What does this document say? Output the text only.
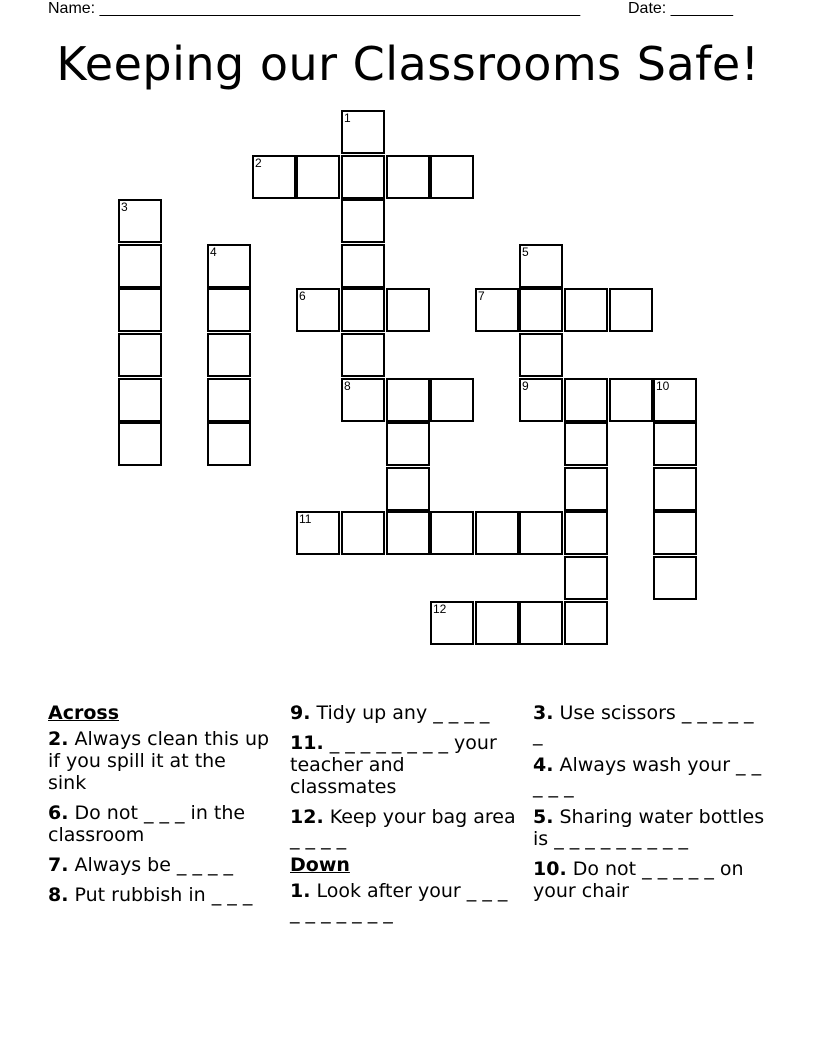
Name: ______________________________________________________	Date: _______
Keeping our Classrooms Safe!
1
2
3
4	5
6	7
8	9	10
11
12
Across
2. Always clean this up if you spill it at the sink
6. Do not _ _ _ in the classroom
7. Always be _ _ _ _
8. Put rubbish in _ _ _
9. Tidy up any _ _ _ _
11. _ _ _ _ _ _ _ _ your teacher and classmates
12. Keep your bag area _ _ _ _
Down
1. Look after your _ _ _ _ _ _ _ _ _ _
3. Use scissors _ _ _ _ _ _
4. Always wash your _ _ _ _ _
5. Sharing water bottles is _ _ _ _ _ _ _ _ _
10. Do not _ _ _ _ _ on your chair
